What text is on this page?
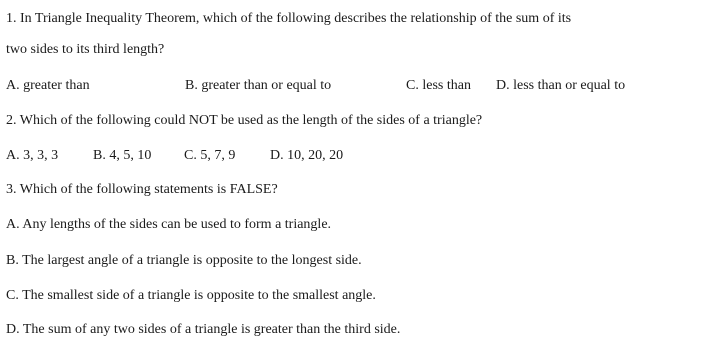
1. In Triangle Inequality Theorem, which of the following describes the relationship of the sum of its
two sides to its third length?
A. greater than	B. greater than or equal to	C. less than D. less than or equal to
2. Which of the following could NOT be used as the length of the sides of a triangle?
A. 3, 3, 3 B. 4, 5, 10 C. 5, 7, 9 D. 10, 20, 20
3. Which of the following statements is FALSE?
A. Any lengths of the sides can be used to form a triangle.
B. The largest angle of a triangle is opposite to the longest side.
C. The smallest side of a triangle is opposite to the smallest angle.
D. The sum of any two sides of a triangle is greater than the third side.
